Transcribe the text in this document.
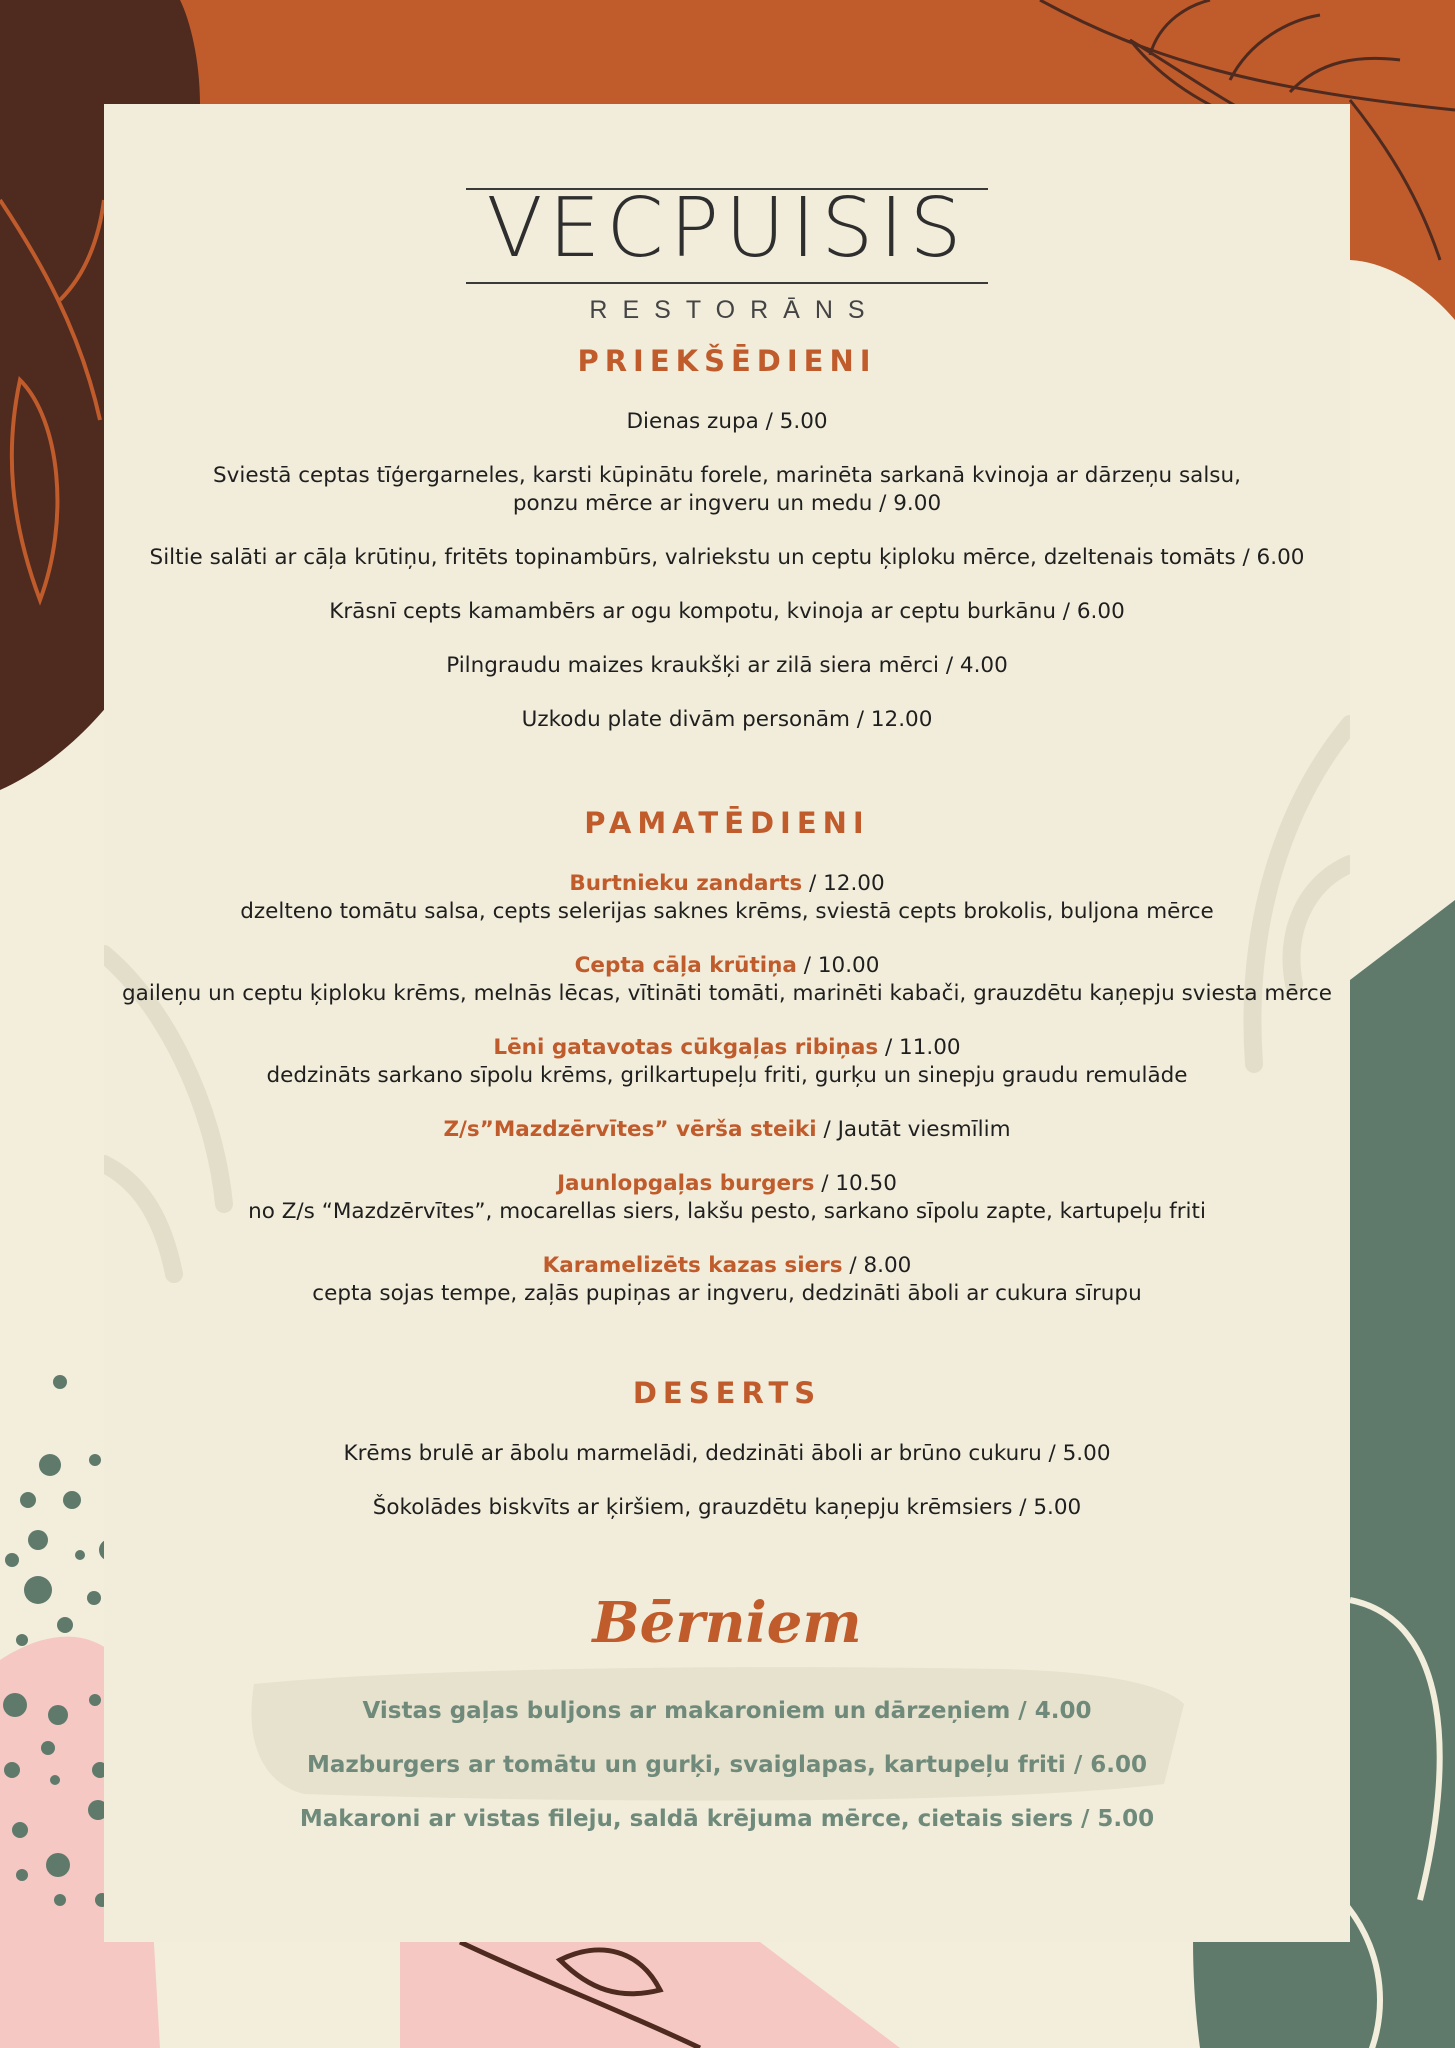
VECPUISIS
RESTORĀNS
PRIEKŠĒDIENI

Dienas zupa / 5.00

Sviestā ceptas tīģergarneles, karsti kūpinātu forele, marinēta sarkanā kvinoja ar dārzeņu salsu,

ponzu mērce ar ingveru un medu / 9.00

Siltie salāti ar cāļa krūtiņu, fritēts topinambūrs, valriekstu un ceptu ķiploku mērce, dzeltenais tomāts / 6.00

Krāsnī cepts kamambērs ar ogu kompotu, kvinoja ar ceptu burkānu / 6.00

Pilngraudu maizes kraukšķi ar zilā siera mērci / 4.00

Uzkodu plate divām personām / 12.00

PAMATĒDIENI

Burtnieku zandarts / 12.00

dzelteno tomātu salsa, cepts selerijas saknes krēms, sviestā cepts brokolis, buljona mērce

Cepta cāļa krūtiņa / 10.00

gaileņu un ceptu ķiploku krēms, melnās lēcas, vītināti tomāti, marinēti kabači, grauzdētu kaņepju sviesta mērce

Lēni gatavotas cūkgaļas ribiņas / 11.00

dedzināts sarkano sīpolu krēms, grilkartupeļu friti, gurķu un sinepju graudu remulāde

Z/s”Mazdzērvītes” vērša steiki / Jautāt viesmīlim

Jaunlopgaļas burgers / 10.50

no Z/s “Mazdzērvītes”, mocarellas siers, lakšu pesto, sarkano sīpolu zapte, kartupeļu friti

Karamelizēts kazas siers / 8.00

cepta sojas tempe, zaļās pupiņas ar ingveru, dedzināti āboli ar cukura sīrupu

DESERTS

Krēms brulē ar ābolu marmelādi, dedzināti āboli ar brūno cukuru / 5.00

Šokolādes biskvīts ar ķiršiem, grauzdētu kaņepju krēmsiers / 5.00

Bērniem
Vistas gaļas buljons ar makaroniem un dārzeņiem / 4.00
Mazburgers ar tomātu un gurķi, svaiglapas, kartupeļu friti / 6.00
Makaroni ar vistas fileju, saldā krējuma mērce, cietais siers / 5.00
